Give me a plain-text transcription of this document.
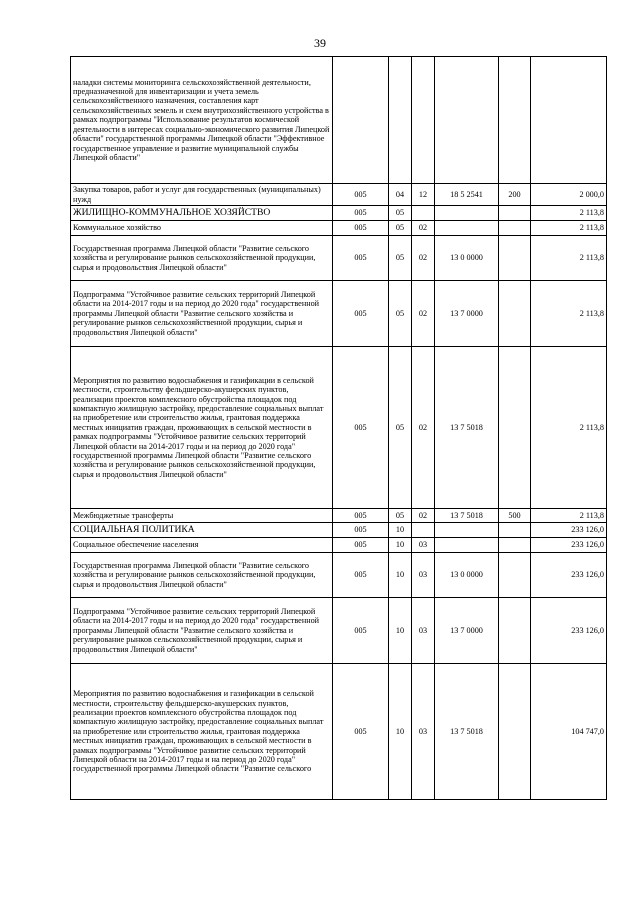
39
наладки системы мониторинга сельскохозяйственной деятельности, предназначенной для инвентаризации и учета земель сельскохозяйственного назначения, составления карт сельскохозяйственных земель и схем внутрихозяйственного устройства в рамках подпрограммы "Использование результатов космической деятельности в интересах социально-экономического развития Липецкой области" государственной программы Липецкой области "Эффективное государственное управление и развитие муниципальной службы Липецкой области"						
Закупка товаров, работ и услуг для государственных (муниципальных) нужд	005	04	12	18 5 2541	200	2 000,0
ЖИЛИЩНО-КОММУНАЛЬНОЕ ХОЗЯЙСТВО	005	05				2 113,8
Коммунальное хозяйство	005	05	02			2 113,8
Государственная программа Липецкой области "Развитие сельского хозяйства и регулирование рынков сельскохозяйственной продукции, сырья и продовольствия Липецкой области"	005	05	02	13 0 0000		2 113,8
Подпрограмма "Устойчивое развитие сельских территорий Липецкой области на 2014-2017 годы и на период до 2020 года" государственной программы Липецкой области "Развитие сельского хозяйства и регулирование рынков сельскохозяйственной продукции, сырья и продовольствия Липецкой области"	005	05	02	13 7 0000		2 113,8
Мероприятия по развитию водоснабжения и газификации в сельской местности, строительству фельдшерско-акушерских пунктов, реализации проектов комплексного обустройства площадок под компактную жилищную застройку, предоставление социальных выплат на приобретение или строительство жилья, грантовая поддержка местных инициатив граждан, проживающих в сельской местности в рамках подпрограммы "Устойчивое развитие сельских территорий Липецкой области на 2014-2017 годы и на период до 2020 года" государственной программы Липецкой области "Развитие сельского хозяйства и регулирование рынков сельскохозяйственной продукции, сырья и продовольствия Липецкой области"	005	05	02	13 7 5018		2 113,8
Межбюджетные трансферты	005	05	02	13 7 5018	500	2 113,8
СОЦИАЛЬНАЯ ПОЛИТИКА	005	10				233 126,0
Социальное обеспечение населения	005	10	03			233 126,0
Государственная программа Липецкой области "Развитие сельского хозяйства и регулирование рынков сельскохозяйственной продукции, сырья и продовольствия Липецкой области"	005	10	03	13 0 0000		233 126,0
Подпрограмма "Устойчивое развитие сельских территорий Липецкой области на 2014-2017 годы и на период до 2020 года" государственной программы Липецкой области "Развитие сельского хозяйства и регулирование рынков сельскохозяйственной продукции, сырья и продовольствия Липецкой области"	005	10	03	13 7 0000		233 126,0
Мероприятия по развитию водоснабжения и газификации в сельской местности, строительству фельдшерско-акушерских пунктов, реализации проектов комплексного обустройства площадок под компактную жилищную застройку, предоставление социальных выплат на приобретение или строительство жилья, грантовая поддержка местных инициатив граждан, проживающих в сельской местности в рамках подпрограммы "Устойчивое развитие сельских территорий Липецкой области на 2014-2017 годы и на период до 2020 года" государственной программы Липецкой области "Развитие сельского	005	10	03	13 7 5018		104 747,0
